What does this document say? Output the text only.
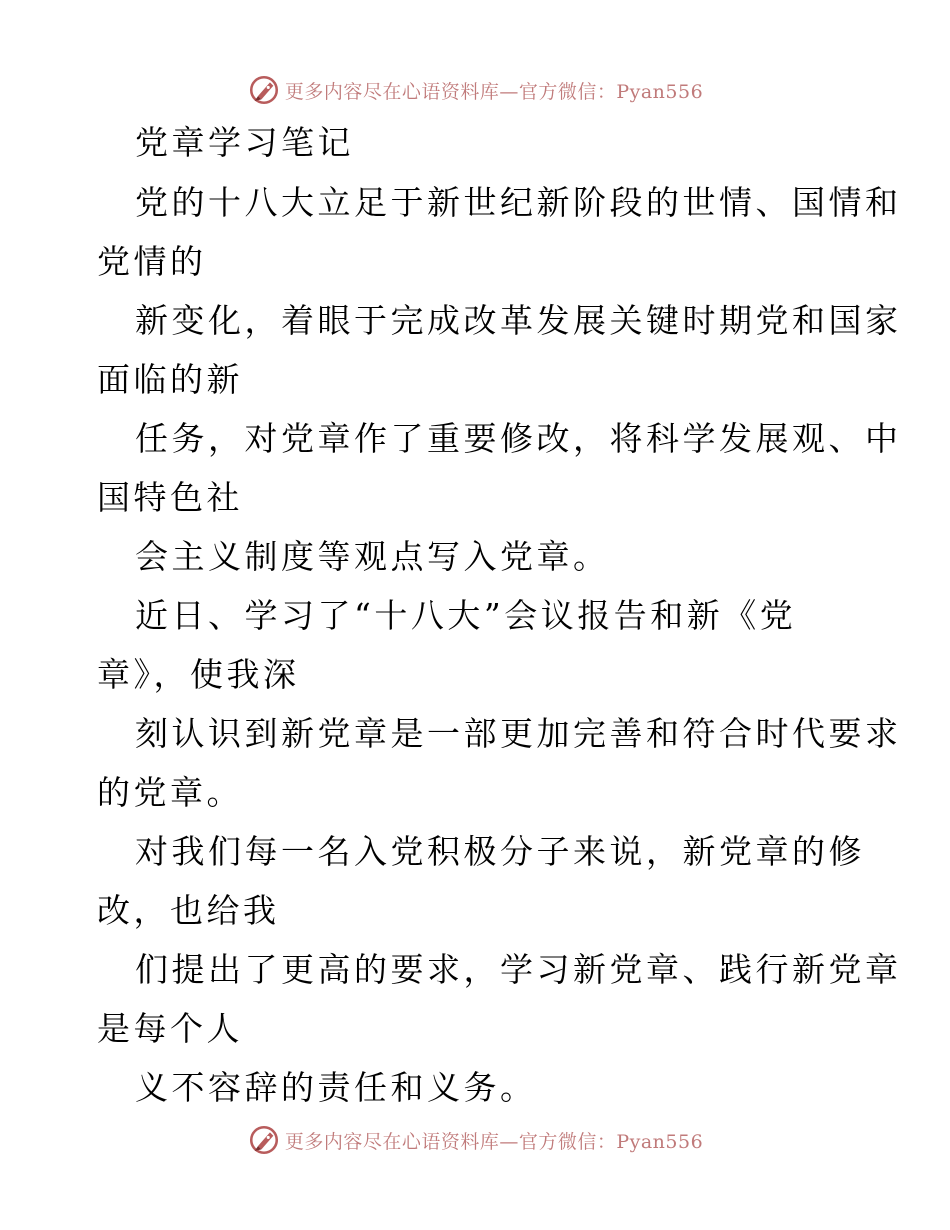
更多内容尽在心语资料库—官方微信：Pyan556
党章学习笔记
党的十八大立足于新世纪新阶段的世情、国情和
党情的
新变化，着眼于完成改革发展关键时期党和国家
面临的新
任务，对党章作了重要修改，将科学发展观、中
国特色社
会主义制度等观点写入党章。
近日、学习了“十八大”会议报告和新《党
章》，使我深
刻认识到新党章是一部更加完善和符合时代要求
的党章。
对我们每一名入党积极分子来说，新党章的修
改，也给我
们提出了更高的要求，学习新党章、践行新党章
是每个人
义不容辞的责任和义务。
更多内容尽在心语资料库—官方微信：Pyan556
